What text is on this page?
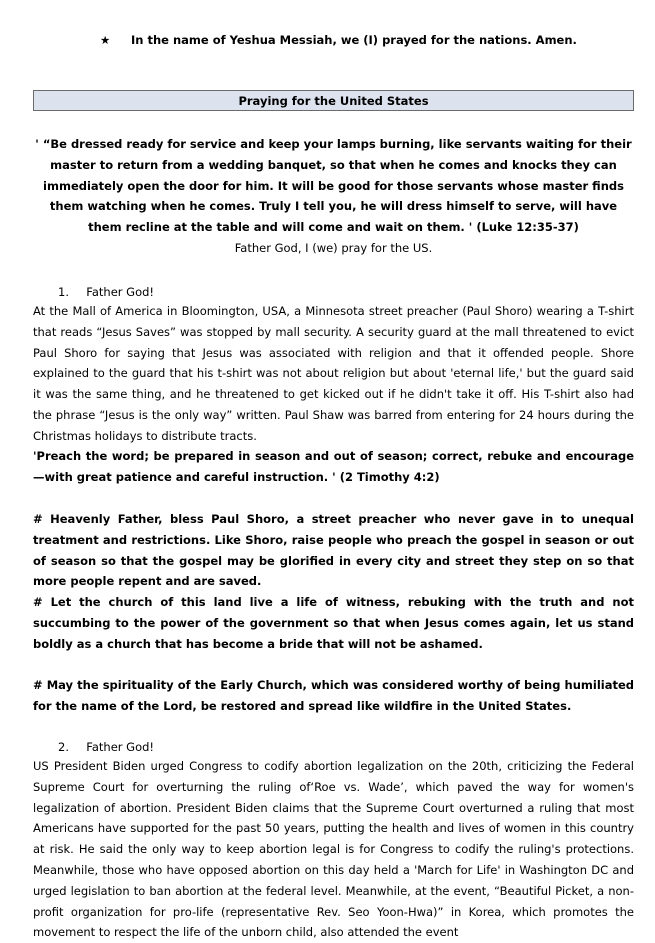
★ In the name of Yeshua Messiah, we (I) prayed for the nations. Amen.
Praying for the United States
' “Be dressed ready for service and keep your lamps burning, like servants waiting for their master to return from a wedding banquet, so that when he comes and knocks they can immediately open the door for him. It will be good for those servants whose master finds them watching when he comes. Truly I tell you, he will dress himself to serve, will have them recline at the table and will come and wait on them. ' (Luke 12:35-37)
Father God, I (we) pray for the US.
1. Father God!
At the Mall of America in Bloomington, USA, a Minnesota street preacher (Paul Shoro) wearing a T-shirt that reads “Jesus Saves” was stopped by mall security. A security guard at the mall threatened to evict Paul Shoro for saying that Jesus was associated with religion and that it offended people. Shore explained to the guard that his t-shirt was not about religion but about 'eternal life,' but the guard said it was the same thing, and he threatened to get kicked out if he didn't take it off. His T-shirt also had the phrase “Jesus is the only way” written. Paul Shaw was barred from entering for 24 hours during the Christmas holidays to distribute tracts.
'Preach the word; be prepared in season and out of season; correct, rebuke and encourage—with great patience and careful instruction. ' (2 Timothy 4:2)
# Heavenly Father, bless Paul Shoro, a street preacher who never gave in to unequal treatment and restrictions. Like Shoro, raise people who preach the gospel in season or out of season so that the gospel may be glorified in every city and street they step on so that more people repent and are saved.
# Let the church of this land live a life of witness, rebuking with the truth and not succumbing to the power of the government so that when Jesus comes again, let us stand boldly as a church that has become a bride that will not be ashamed.
# May the spirituality of the Early Church, which was considered worthy of being humiliated for the name of the Lord, be restored and spread like wildfire in the United States.
2. Father God!
US President Biden urged Congress to codify abortion legalization on the 20th, criticizing the Federal Supreme Court for overturning the ruling of‘Roe vs. Wade’, which paved the way for women's legalization of abortion. President Biden claims that the Supreme Court overturned a ruling that most Americans have supported for the past 50 years, putting the health and lives of women in this country at risk. He said the only way to keep abortion legal is for Congress to codify the ruling's protections. Meanwhile, those who have opposed abortion on this day held a 'March for Life' in Washington DC and urged legislation to ban abortion at the federal level. Meanwhile, at the event, “Beautiful Picket, a non-profit organization for pro-life (representative Rev. Seo Yoon-Hwa)” in Korea, which promotes the movement to respect the life of the unborn child, also attended the event
